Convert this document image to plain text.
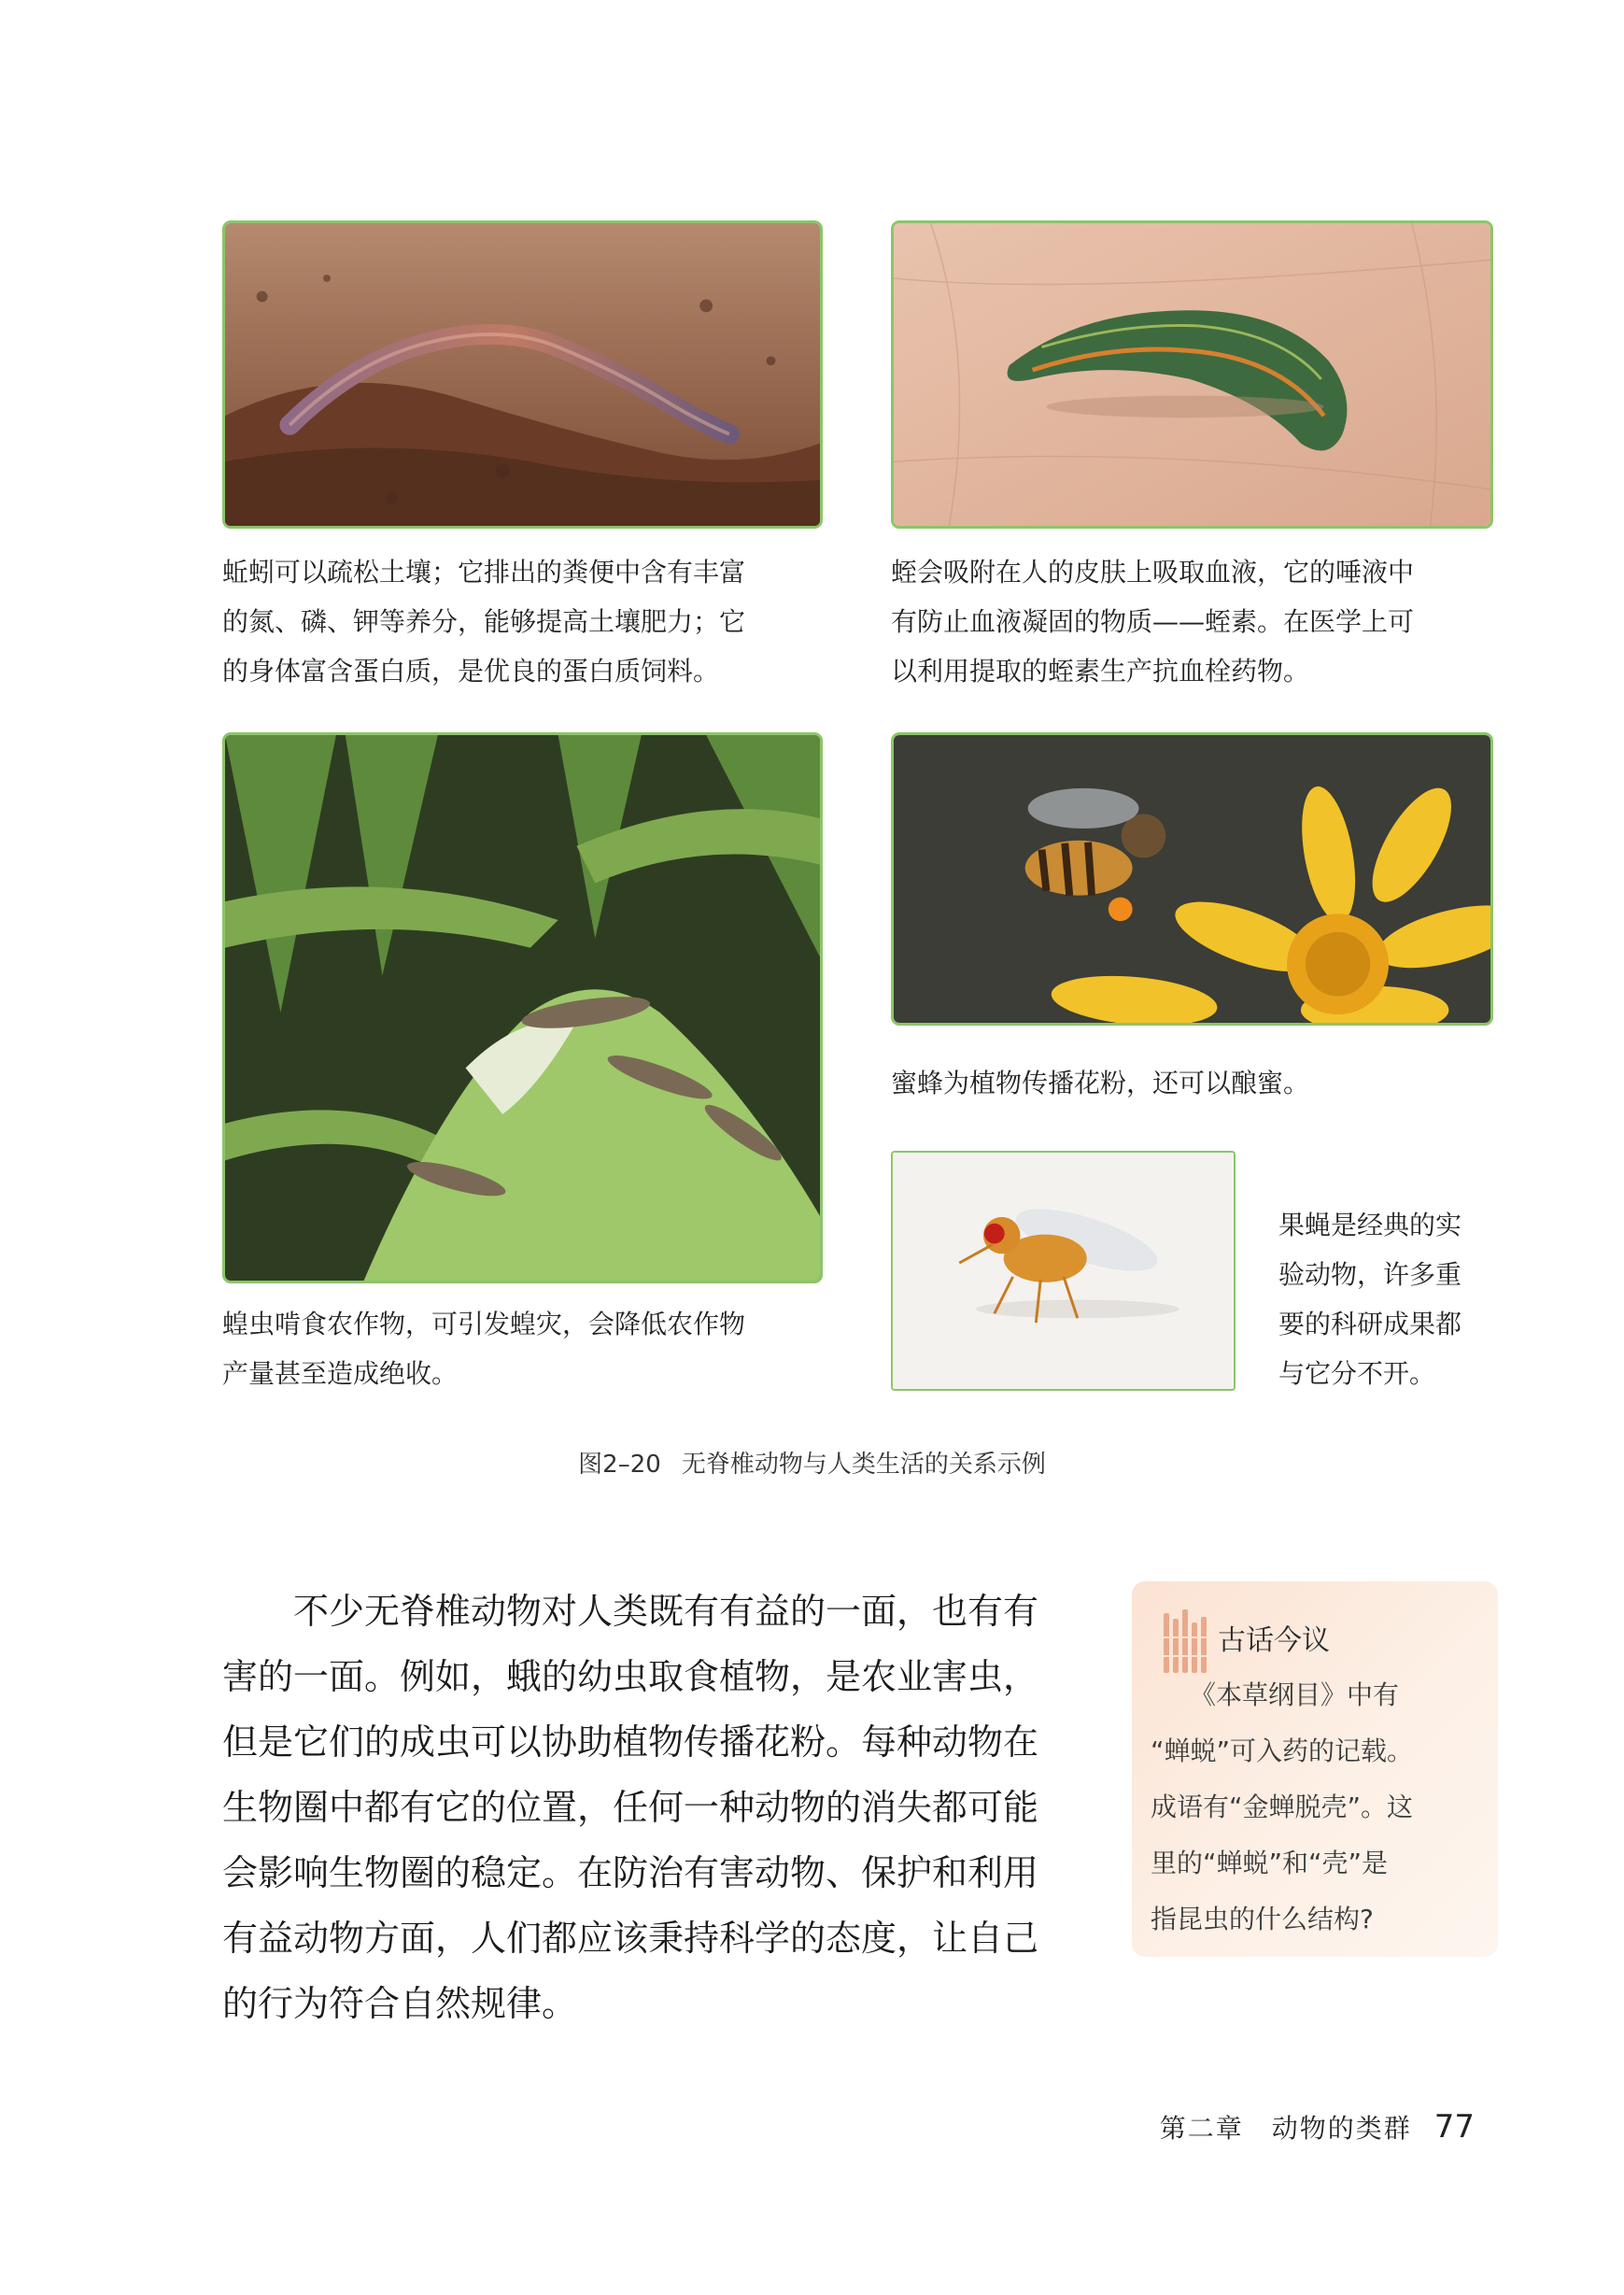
蚯蚓可以疏松土壤；它排出的粪便中含有丰富
的氮、磷、钾等养分，能够提高土壤肥力；它
的身体富含蛋白质，是优良的蛋白质饲料。
蛭会吸附在人的皮肤上吸取血液，它的唾液中
有防止血液凝固的物质——蛭素。在医学上可
以利用提取的蛭素生产抗血栓药物。
蜜蜂为植物传播花粉，还可以酿蜜。
果蝇是经典的实
验动物，许多重
要的科研成果都
与它分不开。
蝗虫啃食农作物，可引发蝗灾，会降低农作物
产量甚至造成绝收。
图2–20 无脊椎动物与人类生活的关系示例
　　不少无脊椎动物对人类既有有益的一面，也有有
害的一面。例如，蛾的幼虫取食植物，是农业害虫，
但是它们的成虫可以协助植物传播花粉。每种动物在
生物圈中都有它的位置，任何一种动物的消失都可能
会影响生物圈的稳定。在防治有害动物、保护和利用
有益动物方面，人们都应该秉持科学的态度，让自己
的行为符合自然规律。
古话今议
　　《本草纲目》中有
“蝉蜕”可入药的记载。
成语有“金蝉脱壳”。这
里的“蝉蜕”和“壳”是
指昆虫的什么结构?
第二章　动物的类群 77
